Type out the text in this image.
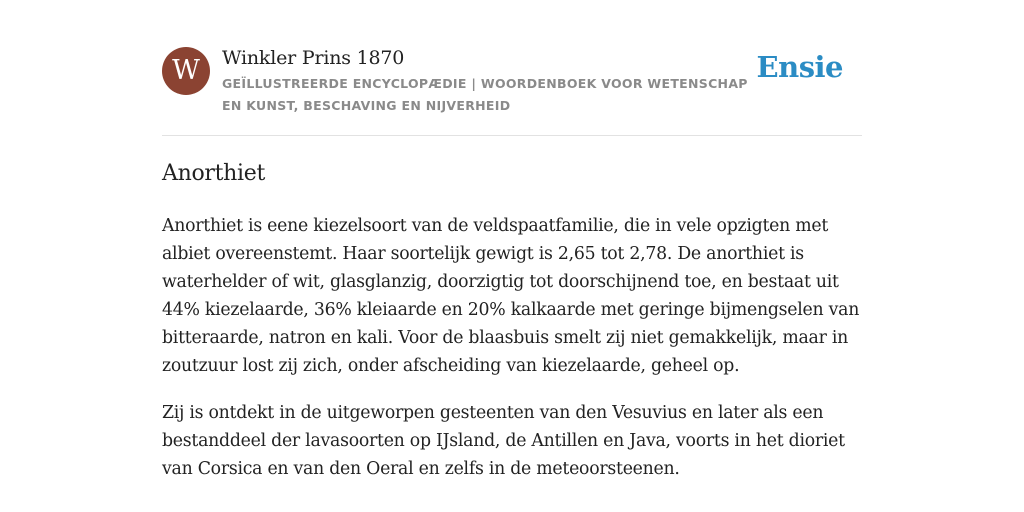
W	Winkler Prins 1870
GEÏLLUSTREERDE ENCYCLOPÆDIE | WOORDENBOEK VOOR WETENSCHAP EN KUNST, BESCHAVING EN NIJVERHEID
Ensie
Anorthiet

Anorthiet is eene kiezelsoort van de veldspaatfamilie, die in vele opzigten met albiet overeenstemt. Haar soortelijk gewigt is 2,65 tot 2,78. De anorthiet is waterhelder of wit, glasglanzig, doorzigtig tot doorschijnend toe, en bestaat uit 44% kiezelaarde, 36% kleiaarde en 20% kalkaarde met geringe bijmengselen van bitteraarde, natron en kali. Voor de blaasbuis smelt zij niet gemakkelijk, maar in zoutzuur lost zij zich, onder afscheiding van kiezelaarde, geheel op.

Zij is ontdekt in de uitgeworpen gesteenten van den Vesuvius en later als een bestanddeel der lavasoorten op IJsland, de Antillen en Java, voorts in het dioriet van Corsica en van den Oeral en zelfs in de meteoorsteenen.
